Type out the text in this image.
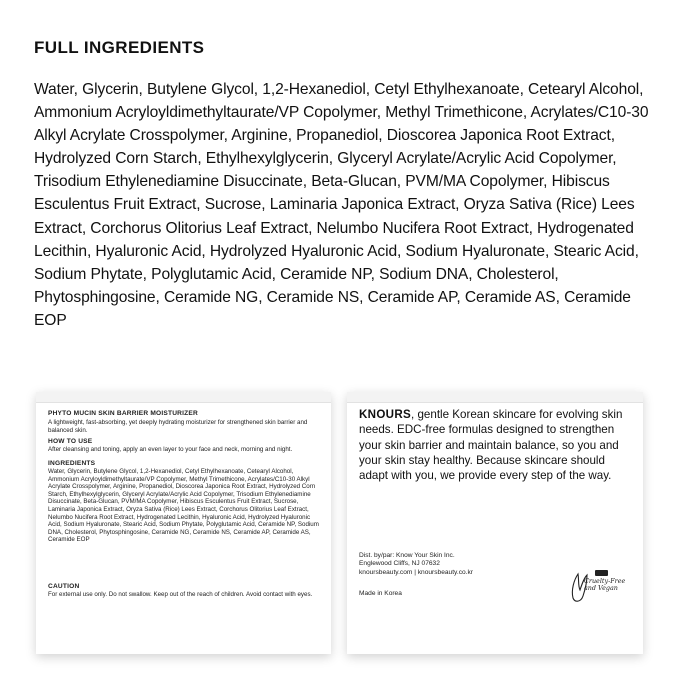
FULL INGREDIENTS
Water, Glycerin, Butylene Glycol, 1,2-Hexanediol, Cetyl Ethylhexanoate, Cetearyl Alcohol, Ammonium Acryloyldimethyltaurate/VP Copolymer, Methyl Trimethicone, Acrylates/C10-30 Alkyl Acrylate Crosspolymer, Arginine, Propanediol, Dioscorea Japonica Root Extract, Hydrolyzed Corn Starch, Ethylhexylglycerin, Glyceryl Acrylate/Acrylic Acid Copolymer, Trisodium Ethylenediamine Disuccinate, Beta-Glucan, PVM/MA Copolymer, Hibiscus Esculentus Fruit Extract, Sucrose, Laminaria Japonica Extract, Oryza Sativa (Rice) Lees Extract, Corchorus Olitorius Leaf Extract, Nelumbo Nucifera Root Extract, Hydrogenated Lecithin, Hyaluronic Acid, Hydrolyzed Hyaluronic Acid, Sodium Hyaluronate, Stearic Acid, Sodium Phytate, Polyglutamic Acid, Ceramide NP, Sodium DNA, Cholesterol, Phytosphingosine, Ceramide NG, Ceramide NS, Ceramide AP, Ceramide AS, Ceramide EOP
PHYTO MUCIN SKIN BARRIER MOISTURIZER
A lightweight, fast-absorbing, yet deeply hydrating moisturizer for strengthened skin barrier and balanced skin.
HOW TO USE
After cleansing and toning, apply an even layer to your face and neck, morning and night.
INGREDIENTS
Water, Glycerin, Butylene Glycol, 1,2-Hexanediol, Cetyl Ethylhexanoate, Cetearyl Alcohol, Ammonium Acryloyldimethyltaurate/VP Copolymer, Methyl Trimethicone, Acrylates/C10-30 Alkyl Acrylate Crosspolymer, Arginine, Propanediol, Dioscorea Japonica Root Extract, Hydrolyzed Corn Starch, Ethylhexylglycerin, Glyceryl Acrylate/Acrylic Acid Copolymer, Trisodium Ethylenediamine Disuccinate, Beta-Glucan, PVM/MA Copolymer, Hibiscus Esculentus Fruit Extract, Sucrose, Laminaria Japonica Extract, Oryza Sativa (Rice) Lees Extract, Corchorus Olitorius Leaf Extract, Nelumbo Nucifera Root Extract, Hydrogenated Lecithin, Hyaluronic Acid, Hydrolyzed Hyaluronic Acid, Sodium Hyaluronate, Stearic Acid, Sodium Phytate, Polyglutamic Acid, Ceramide NP, Sodium DNA, Cholesterol, Phytosphingosine, Ceramide NG, Ceramide NS, Ceramide AP, Ceramide AS, Ceramide EOP
CAUTION
For external use only. Do not swallow. Keep out of the reach of children. Avoid contact with eyes.
KNOURS, gentle Korean skincare for evolving skin needs. EDC-free formulas designed to strengthen your skin barrier and maintain balance, so you and your skin stay healthy. Because skincare should adapt with you, we provide every step of the way.
Dist. by/par: Know Your Skin Inc.
Englewood Cliffs, NJ 07632
knoursbeauty.com | knoursbeauty.co.kr
Made in Korea
Cruelty-Free
and Vegan
